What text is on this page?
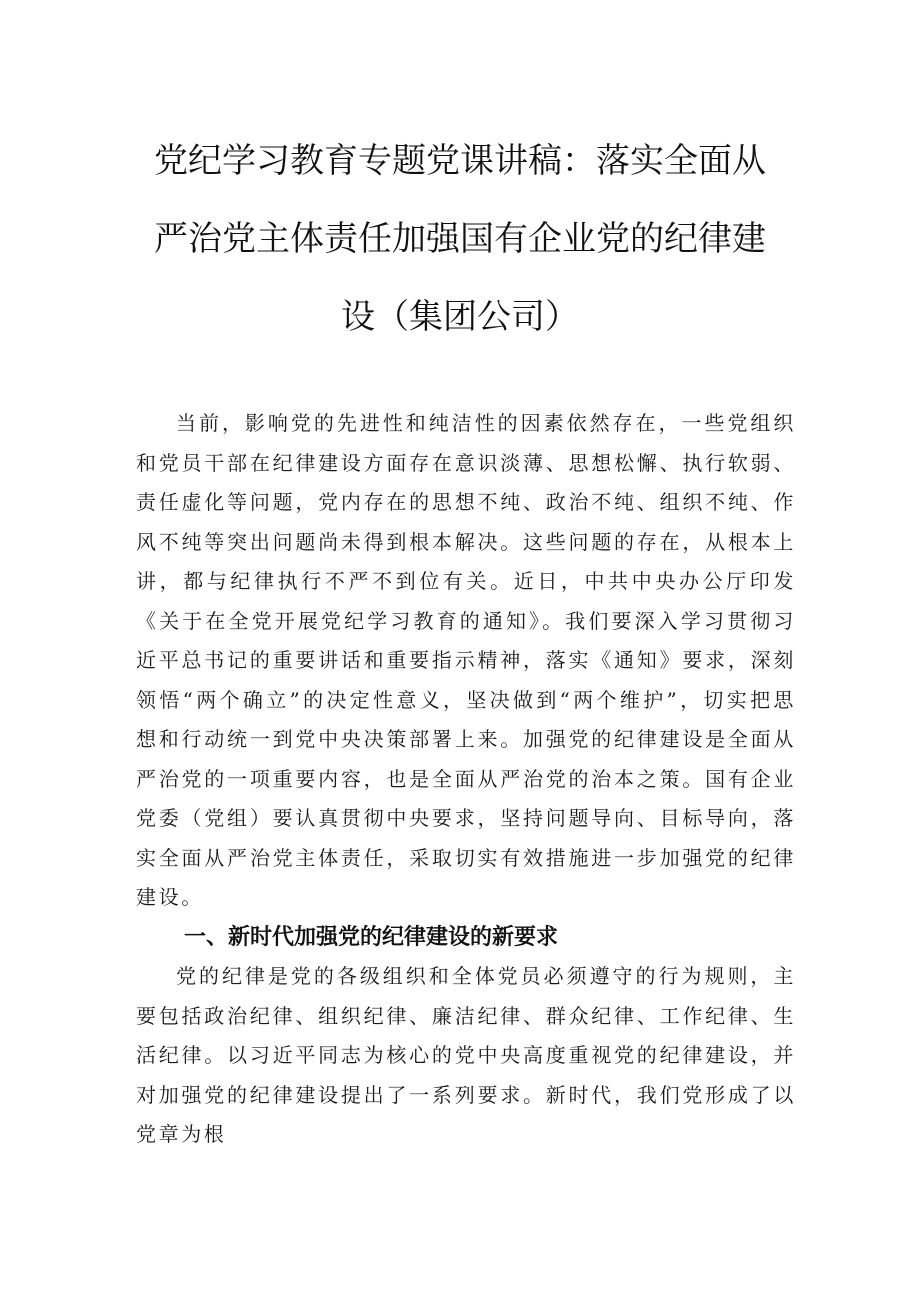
党纪学习教育专题党课讲稿：落实全面从
严治党主体责任加强国有企业党的纪律建
设（集团公司）

当前，影响党的先进性和纯洁性的因素依然存在，一些党组织和党员干部在纪律建设方面存在意识淡薄、思想松懈、执行软弱、责任虚化等问题，党内存在的思想不纯、政治不纯、组织不纯、作风不纯等突出问题尚未得到根本解决。这些问题的存在，从根本上讲，都与纪律执行不严不到位有关。近日，中共中央办公厅印发《关于在全党开展党纪学习教育的通知》。我们要深入学习贯彻习近平总书记的重要讲话和重要指示精神，落实《通知》要求，深刻领悟“两个确立”的决定性意义，坚决做到“两个维护”，切实把思想和行动统一到党中央决策部署上来。加强党的纪律建设是全面从严治党的一项重要内容，也是全面从严治党的治本之策。国有企业党委（党组）要认真贯彻中央要求，坚持问题导向、目标导向，落实全面从严治党主体责任，采取切实有效措施进一步加强党的纪律建设。

一、新时代加强党的纪律建设的新要求

党的纪律是党的各级组织和全体党员必须遵守的行为规则，主要包括政治纪律、组织纪律、廉洁纪律、群众纪律、工作纪律、生活纪律。以习近平同志为核心的党中央高度重视党的纪律建设，并对加强党的纪律建设提出了一系列要求。新时代，我们党形成了以党章为根
